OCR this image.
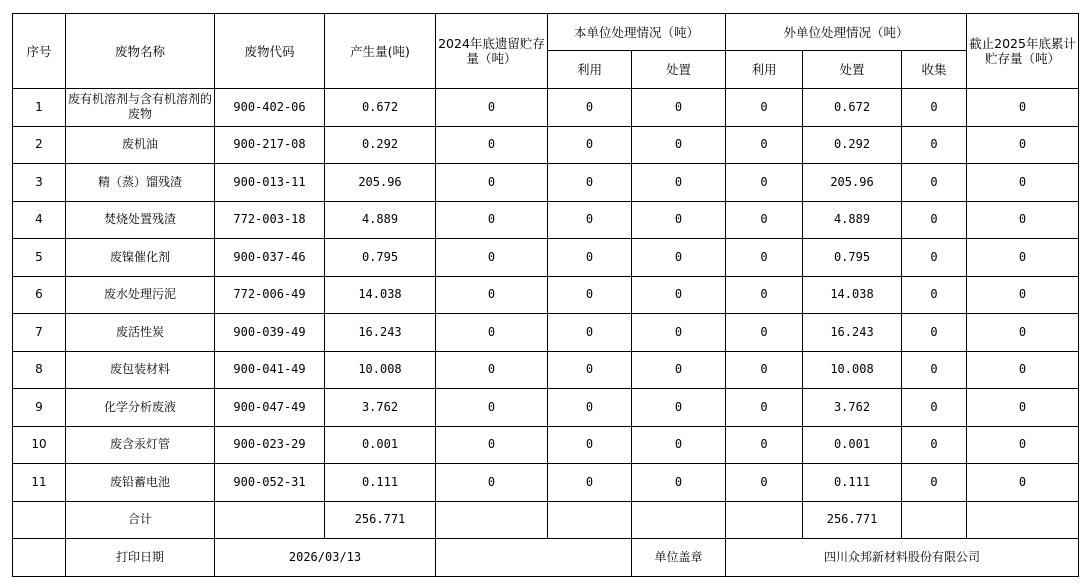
序号	废物名称	废物代码	产生量(吨)	2024年底遗留贮存量（吨）	本单位处理情况（吨）		外单位处理情况（吨）			截止2025年底累计贮存量（吨）
					利用	处置	利用	处置	收集	
1	废有机溶剂与含有机溶剂的废物	900-402-06	0.672	0	0	0	0	0.672	0	0
2	废机油	900-217-08	0.292	0	0	0	0	0.292	0	0
3	精（蒸）馏残渣	900-013-11	205.96	0	0	0	0	205.96	0	0
4	焚烧处置残渣	772-003-18	4.889	0	0	0	0	4.889	0	0
5	废镍催化剂	900-037-46	0.795	0	0	0	0	0.795	0	0
6	废水处理污泥	772-006-49	14.038	0	0	0	0	14.038	0	0
7	废活性炭	900-039-49	16.243	0	0	0	0	16.243	0	0
8	废包装材料	900-041-49	10.008	0	0	0	0	10.008	0	0
9	化学分析废液	900-047-49	3.762	0	0	0	0	3.762	0	0
10	废含汞灯管	900-023-29	0.001	0	0	0	0	0.001	0	0
11	废铅蓄电池	900-052-31	0.111	0	0	0	0	0.111	0	0
	合计		256.771					256.771		
	打印日期	2026/03/13				单位盖章	四川众邦新材料股份有限公司			
